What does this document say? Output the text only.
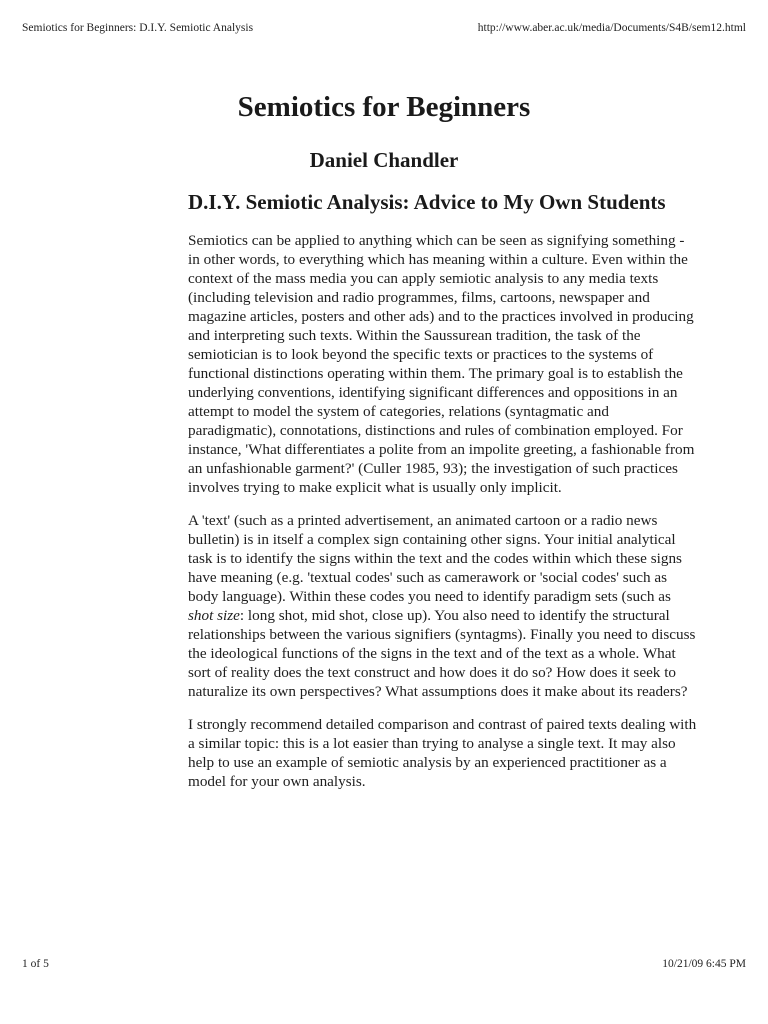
Semiotics for Beginners: D.I.Y. Semiotic Analysis	http://www.aber.ac.uk/media/Documents/S4B/sem12.html
Semiotics for Beginners
Daniel Chandler
D.I.Y. Semiotic Analysis: Advice to My Own Students

Semiotics can be applied to anything which can be seen as signifying something - in other words, to everything which has meaning within a culture. Even within the context of the mass media you can apply semiotic analysis to any media texts (including television and radio programmes, films, cartoons, newspaper and magazine articles, posters and other ads) and to the practices involved in producing and interpreting such texts. Within the Saussurean tradition, the task of the semiotician is to look beyond the specific texts or practices to the systems of functional distinctions operating within them. The primary goal is to establish the underlying conventions, identifying significant differences and oppositions in an attempt to model the system of categories, relations (syntagmatic and paradigmatic), connotations, distinctions and rules of combination employed. For instance, 'What differentiates a polite from an impolite greeting, a fashionable from an unfashionable garment?' (Culler 1985, 93); the investigation of such practices involves trying to make explicit what is usually only implicit.

A 'text' (such as a printed advertisement, an animated cartoon or a radio news bulletin) is in itself a complex sign containing other signs. Your initial analytical task is to identify the signs within the text and the codes within which these signs have meaning (e.g. 'textual codes' such as camerawork or 'social codes' such as body language). Within these codes you need to identify paradigm sets (such as shot size: long shot, mid shot, close up). You also need to identify the structural relationships between the various signifiers (syntagms). Finally you need to discuss the ideological functions of the signs in the text and of the text as a whole. What sort of reality does the text construct and how does it do so? How does it seek to naturalize its own perspectives? What assumptions does it make about its readers?

I strongly recommend detailed comparison and contrast of paired texts dealing with a similar topic: this is a lot easier than trying to analyse a single text. It may also help to use an example of semiotic analysis by an experienced practitioner as a model for your own analysis.

1 of 5	10/21/09 6:45 PM
